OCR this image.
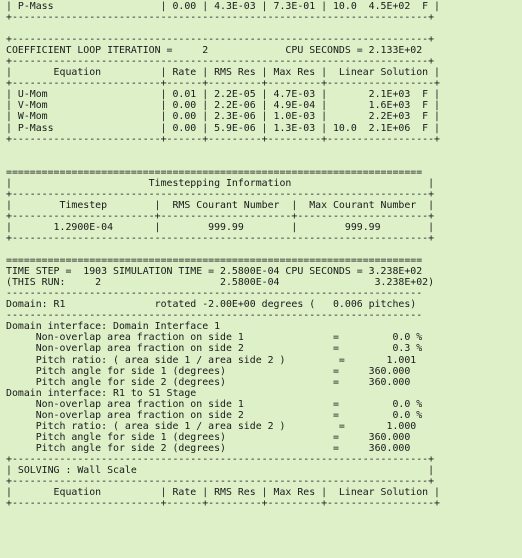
| P-Mass                  | 0.00 | 4.3E-03 | 7.3E-01 | 10.0  4.5E+02  F |
+----------------------------------------------------------------------+
+----------------------------------------------------------------------+
COEFFICIENT LOOP ITERATION =     2             CPU SECONDS = 2.133E+02
+----------------------------------------------------------------------+
|       Equation          | Rate | RMS Res | Max Res |  Linear Solution |
+-------------------------+------+---------+---------+------------------+
| U-Mom                   | 0.01 | 2.2E-05 | 4.7E-03 |       2.1E+03  F |
| V-Mom                   | 0.00 | 2.2E-06 | 4.9E-04 |       1.6E+03  F |
| W-Mom                   | 0.00 | 2.3E-06 | 1.0E-03 |       2.2E+03  F |
| P-Mass                  | 0.00 | 5.9E-06 | 1.3E-03 | 10.0  2.1E+06  F |
+-------------------------+------+---------+---------+------------------+
======================================================================
|                       Timestepping Information                       |
+----------------------------------------------------------------------+
|        Timestep        |  RMS Courant Number  |  Max Courant Number  |
+------------------------+----------------------+----------------------+
|       1.2900E-04       |        999.99        |        999.99        |
+----------------------------------------------------------------------+
======================================================================
TIME STEP =  1903 SIMULATION TIME = 2.5800E-04 CPU SECONDS = 3.238E+02
(THIS RUN:     2                    2.5800E-04                3.238E+02)
----------------------------------------------------------------------
Domain: R1               rotated -2.00E+00 degrees (   0.006 pitches)
----------------------------------------------------------------------
Domain interface: Domain Interface 1
Non-overlap area fraction on side 1               =         0.0 %
Non-overlap area fraction on side 2               =         0.3 %
Pitch ratio: ( area side 1 / area side 2 )         =       1.001
Pitch angle for side 1 (degrees)                  =     360.000
Pitch angle for side 2 (degrees)                  =     360.000
Domain interface: R1 to S1 Stage
Non-overlap area fraction on side 1               =         0.0 %
Non-overlap area fraction on side 2               =         0.0 %
Pitch ratio: ( area side 1 / area side 2 )         =       1.000
Pitch angle for side 1 (degrees)                  =     360.000
Pitch angle for side 2 (degrees)                  =     360.000
+----------------------------------------------------------------------+
| SOLVING : Wall Scale                                                 |
+----------------------------------------------------------------------+
|       Equation          | Rate | RMS Res | Max Res |  Linear Solution |
+-------------------------+------+---------+---------+------------------+
